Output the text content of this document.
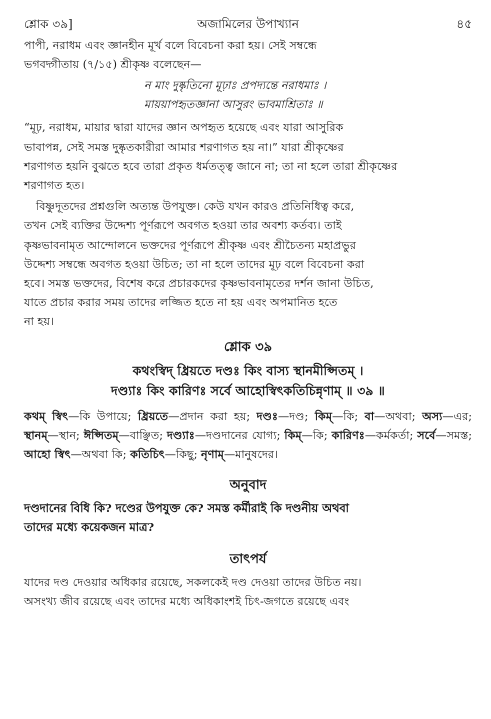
শ্লোক ৩৯]	অজামিলের উপাখ্যান	৪৫

পাপী, নরাধম এবং জ্ঞানহীন মূর্খ বলে বিবেচনা করা হয়। সেই সম্বন্ধে
ভগবদ্গীতায় (৭/১৫) শ্রীকৃষ্ণ বলেছেন—

ন মাং দুষ্কৃতিনো মূঢ়াঃ প্রপদ্যন্তে নরাধমাঃ ।

মায়য়াপহৃতজ্ঞানা আসুরং ভাবমাশ্রিতাঃ ॥

“মূঢ়, নরাধম, মায়ার দ্বারা যাদের জ্ঞান অপহৃত হয়েছে এবং যারা আসুরিক
ভাবাপন্ন, সেই সমস্ত দুষ্কৃতকারীরা আমার শরণাগত হয় না।” যারা শ্রীকৃষ্ণের
শরণাগত হয়নি বুঝতে হবে তারা প্রকৃত ধর্মতত্ত্ব জানে না; তা না হলে তারা শ্রীকৃষ্ণের
শরণাগত হত।

বিষ্ণুদূতদের প্রশ্নগুলি অত্যন্ত উপযুক্ত। কেউ যখন কারও প্রতিনিধিত্ব করে,
তখন সেই ব্যক্তির উদ্দেশ্য পূর্ণরূপে অবগত হওয়া তার অবশ্য কর্তব্য। তাই
কৃষ্ণভাবনামৃত আন্দোলনে ভক্তদের পূর্ণরূপে শ্রীকৃষ্ণ এবং শ্রীচৈতন্য মহাপ্রভুর
উদ্দেশ্য সম্বন্ধে অবগত হওয়া উচিত; তা না হলে তাদের মূঢ় বলে বিবেচনা করা
হবে। সমস্ত ভক্তদের, বিশেষ করে প্রচারকদের কৃষ্ণভাবনামৃতের দর্শন জানা উচিত,
যাতে প্রচার করার সময় তাদের লজ্জিত হতে না হয় এবং অপমানিত হতে
না হয়।

শ্লোক ৩৯

কথংস্বিদ্ ধ্রিয়তে দণ্ডঃ কিং বাস্য স্থানমীপ্সিতম্ ।

দণ্ড্যাঃ কিং কারিণঃ সর্বে আহোস্বিৎকতিচিন্নৃণাম্ ॥ ৩৯ ॥

কথম্ স্বিৎ—কি উপায়ে; ধ্রিয়তে—প্রদান করা হয়; দণ্ডঃ—দণ্ড; কিম্—কি; বা—অথবা; অস্য—এর; স্থানম্—স্থান; ঈপ্সিতম্—বাঞ্ছিত; দণ্ড্যাঃ—দণ্ডদানের যোগ্য; কিম্—কি; কারিণঃ—কর্মকর্তা; সর্বে—সমস্ত; আহো স্বিৎ—অথবা কি; কতিচিৎ—কিছু; নৃণাম্—মানুষদের।

অনুবাদ

দণ্ডদানের বিধি কি? দণ্ডের উপযুক্ত কে? সমস্ত কর্মীরাই কি দণ্ডনীয় অথবা
তাদের মধ্যে কয়েকজন মাত্র?

তাৎপর্য

যাদের দণ্ড দেওয়ার অধিকার রয়েছে, সকলকেই দণ্ড দেওয়া তাদের উচিত নয়।
অসংখ্য জীব রয়েছে এবং তাদের মধ্যে অধিকাংশই চিৎ-জগতে রয়েছে এবং
